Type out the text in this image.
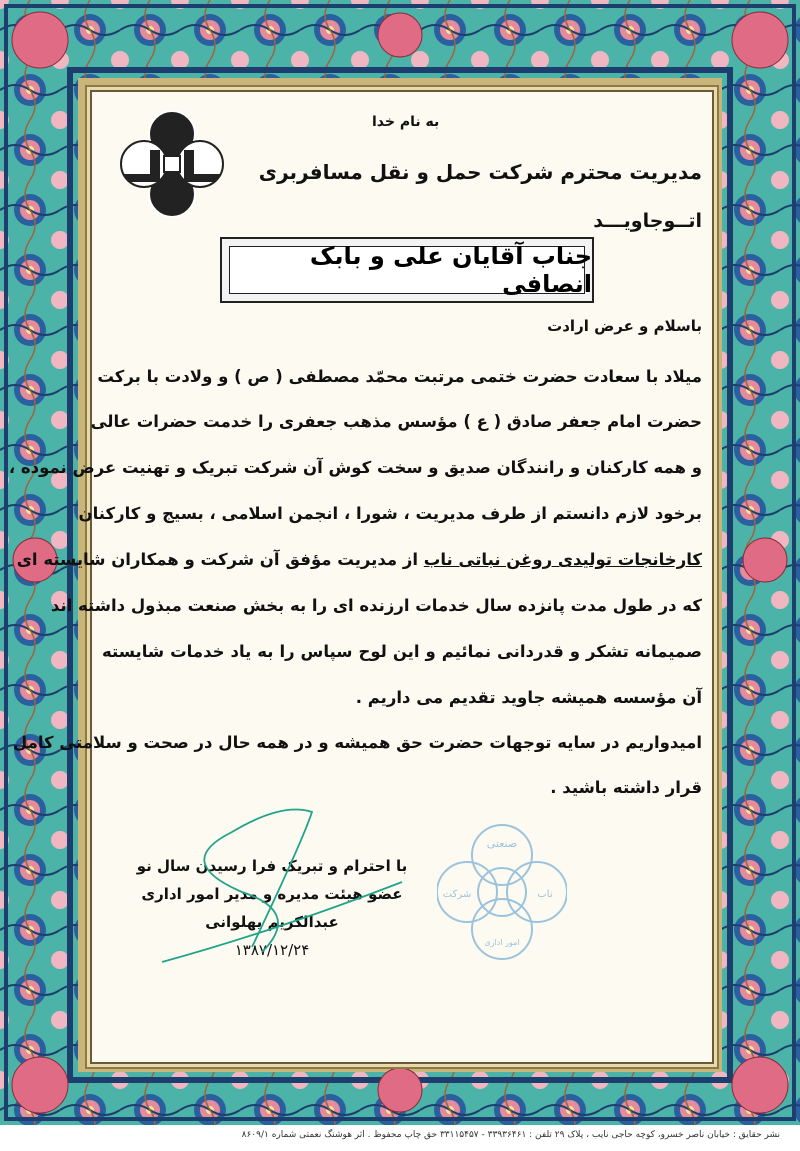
به نام خدا
مدیریت محترم شرکت حمل و نقل مسافربری
اتــوجاویـــد
جناب آقایان علی و بابک انصافی
باسلام و عرض ارادت
میلاد با سعادت حضرت ختمی مرتبت محمّد مصطفی ( ص ) و ولادت با برکت
حضرت امام جعفر صادق ( ع ) مؤسس مذهب جعفری را خدمت حضرات عالی
و همه کارکنان و رانندگان صدیق و سخت کوش آن شرکت تبریک و تهنیت عرض نموده ،
برخود لازم دانستم از طرف مدیریت ، شورا ، انجمن اسلامی ، بسیج و کارکنان
کارخانجات تولیدی روغن نباتی ناب از مدیریت مؤفق آن شرکت و همکاران شایسته ای
که در طول مدت پانزده سال خدمات ارزنده ای را به بخش صنعت مبذول داشته اند
صمیمانه تشکر و قدردانی نمائیم و این لوح سپاس را به یاد خدمات شایسته
آن مؤسسه همیشه جاوید تقدیم می داریم .
امیدواریم در سایه توجهات حضرت حق همیشه و در همه حال در صحت و سلامتی کامل
قرار داشته باشید .
صنعتی
امور اداری
شرکت	ناب
با احترام و تبریک فرا رسیدن سال نو
عضو هیئت مدیره و مدیر امور اداری
عبدالکریم پهلوانی
۱۳۸۷/۱۲/۲۴
نشر حقایق : خیابان ناصر خسرو، کوچه حاجی نایب ، پلاک ۲۹ تلفن : ۳۳۹۳۶۴۶۱ - ۳۳۱۱۵۴۵۷ حق چاپ محفوظ . اثر هوشنگ نعمتی شماره ۸۶۰۹/۱
